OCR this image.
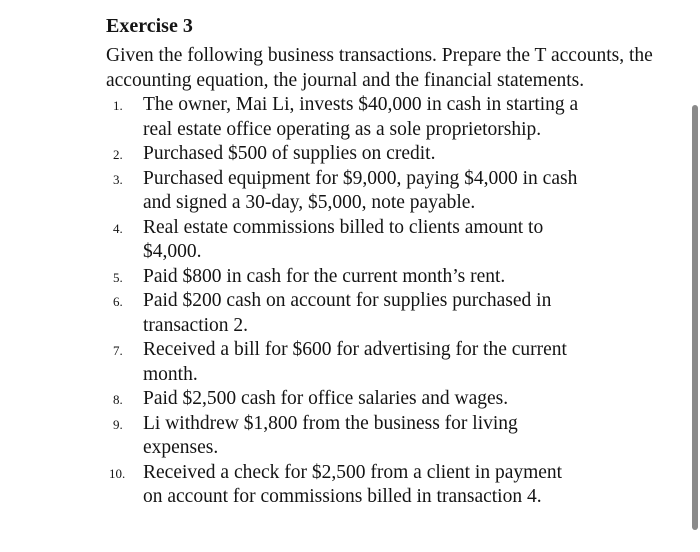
Exercise 3
Given the following business transactions. Prepare the T accounts, the accounting equation, the journal and the financial statements.
1. The owner, Mai Li, invests $40,000 in cash in starting a
real estate office operating as a sole proprietorship.
2. Purchased $500 of supplies on credit.
3. Purchased equipment for $9,000, paying $4,000 in cash
and signed a 30-day, $5,000, note payable.
4. Real estate commissions billed to clients amount to
$4,000.
5. Paid $800 in cash for the current month’s rent.
6. Paid $200 cash on account for supplies purchased in
transaction 2.
7. Received a bill for $600 for advertising for the current
month.
8. Paid $2,500 cash for office salaries and wages.
9. Li withdrew $1,800 from the business for living
expenses.
10. Received a check for $2,500 from a client in payment
on account for commissions billed in transaction 4.
